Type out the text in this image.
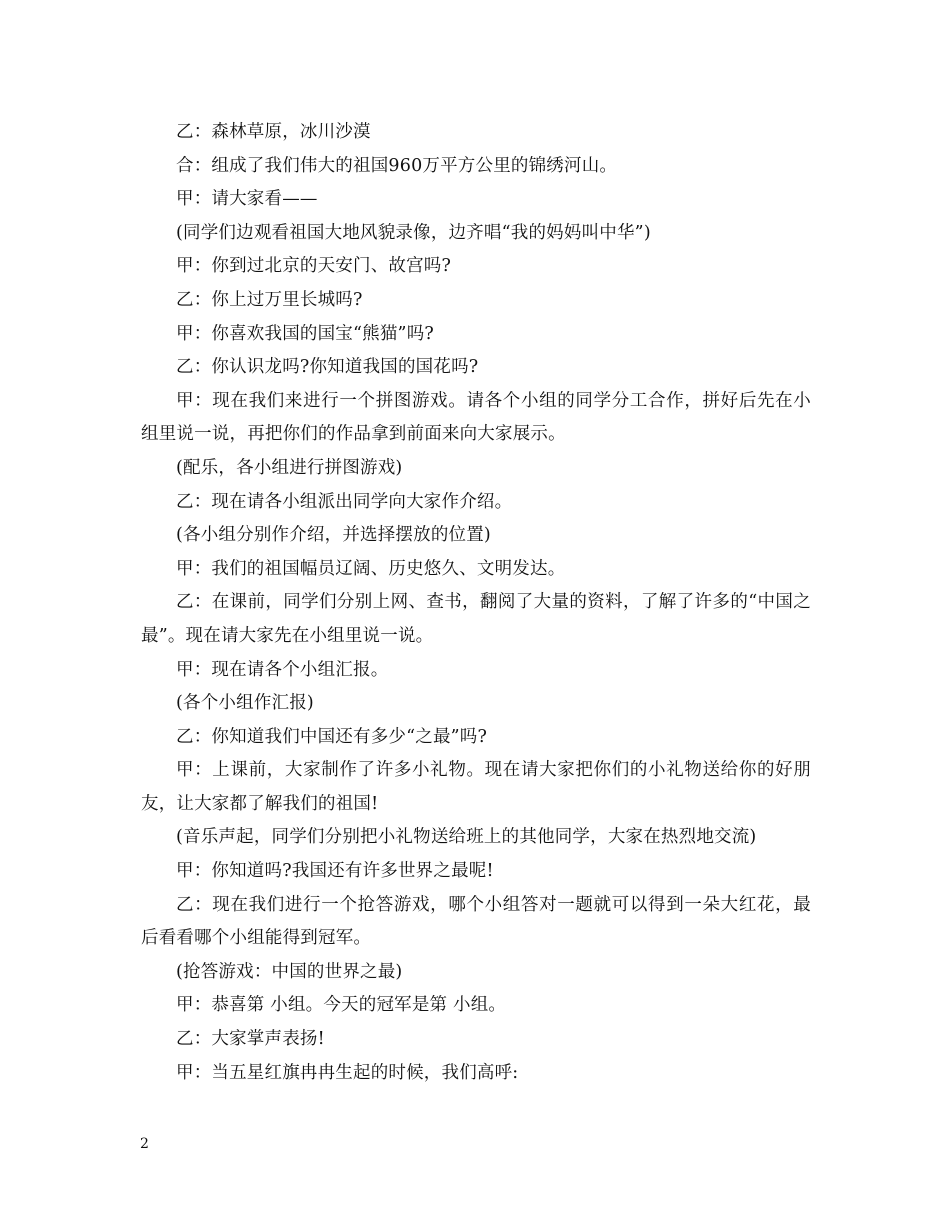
乙：森林草原，冰川沙漠

合：组成了我们伟大的祖国960万平方公里的锦绣河山。

甲：请大家看——

(同学们边观看祖国大地风貌录像，边齐唱“我的妈妈叫中华”)

甲：你到过北京的天安门、故宫吗?

乙：你上过万里长城吗?

甲：你喜欢我国的国宝“熊猫”吗?

乙：你认识龙吗?你知道我国的国花吗?

甲：现在我们来进行一个拼图游戏。请各个小组的同学分工合作，拼好后先在小组里说一说，再把你们的作品拿到前面来向大家展示。

(配乐，各小组进行拼图游戏)

乙：现在请各小组派出同学向大家作介绍。

(各小组分别作介绍，并选择摆放的位置)

甲：我们的祖国幅员辽阔、历史悠久、文明发达。

乙：在课前，同学们分别上网、查书，翻阅了大量的资料，了解了许多的“中国之最”。现在请大家先在小组里说一说。

甲：现在请各个小组汇报。

(各个小组作汇报)

乙：你知道我们中国还有多少“之最”吗?

甲：上课前，大家制作了许多小礼物。现在请大家把你们的小礼物送给你的好朋友，让大家都了解我们的祖国!

(音乐声起，同学们分别把小礼物送给班上的其他同学，大家在热烈地交流)

甲：你知道吗?我国还有许多世界之最呢!

乙：现在我们进行一个抢答游戏，哪个小组答对一题就可以得到一朵大红花，最后看看哪个小组能得到冠军。

(抢答游戏：中国的世界之最)

甲：恭喜第 小组。今天的冠军是第 小组。

乙：大家掌声表扬!

甲：当五星红旗冉冉生起的时候，我们高呼:

2
